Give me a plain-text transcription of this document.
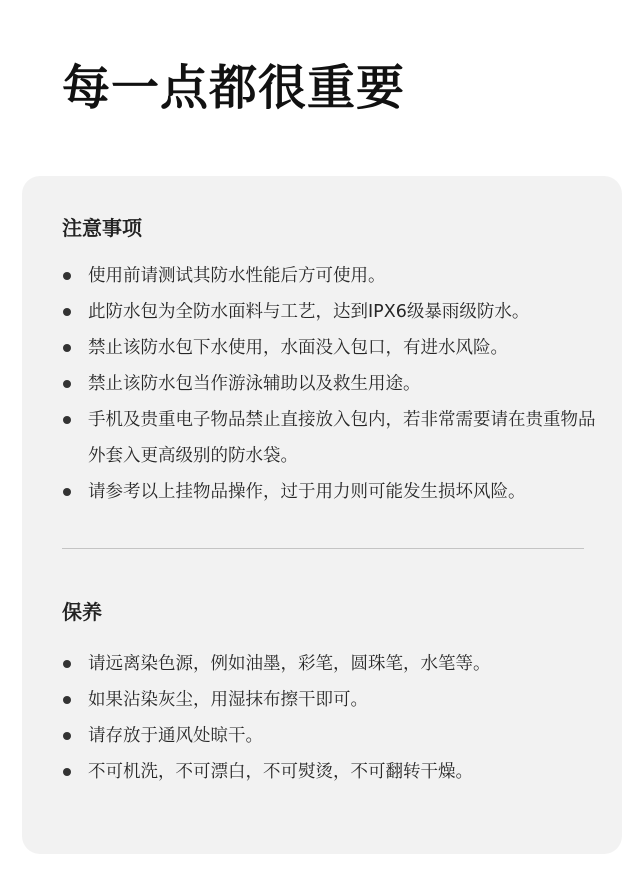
每一点都很重要
注意事项
使用前请测试其防水性能后方可使用。
此防水包为全防水面料与工艺，达到IPX6级暴雨级防水。
禁止该防水包下水使用，水面没入包口，有进水风险。
禁止该防水包当作游泳辅助以及救生用途。
手机及贵重电子物品禁止直接放入包内，若非常需要请在贵重物品外套入更高级别的防水袋。
请参考以上挂物品操作，过于用力则可能发生损坏风险。
保养
请远离染色源，例如油墨，彩笔，圆珠笔，水笔等。
如果沾染灰尘，用湿抹布擦干即可。
请存放于通风处晾干。
不可机洗，不可漂白，不可熨烫，不可翻转干燥。
